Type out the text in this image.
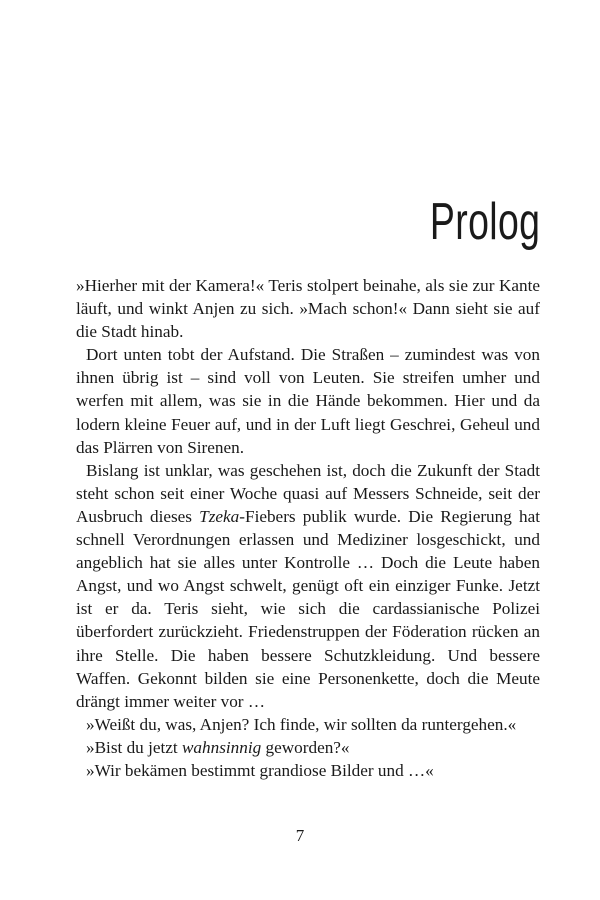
Prolog

»Hierher mit der Kamera!« Teris stolpert beinahe, als sie zur Kante läuft, und winkt Anjen zu sich. »Mach schon!« Dann sieht sie auf die Stadt hinab.

Dort unten tobt der Aufstand. Die Straßen – zumindest was von ihnen übrig ist – sind voll von Leuten. Sie streifen umher und werfen mit allem, was sie in die Hände bekommen. Hier und da lodern kleine Feuer auf, und in der Luft liegt Geschrei, Geheul und das Plärren von Sirenen.

Bislang ist unklar, was geschehen ist, doch die Zukunft der Stadt steht schon seit einer Woche quasi auf Messers Schneide, seit der Ausbruch dieses Tzeka-Fiebers publik wurde. Die Regierung hat schnell Verordnungen erlassen und Mediziner losgeschickt, und angeblich hat sie alles unter Kontrolle … Doch die Leute haben Angst, und wo Angst schwelt, genügt oft ein einziger Funke. Jetzt ist er da. Teris sieht, wie sich die cardassianische Polizei überfordert zurückzieht. Friedenstruppen der Föderation rücken an ihre Stelle. Die haben bessere Schutzkleidung. Und bessere Waffen. Gekonnt bilden sie eine Personenkette, doch die Meute drängt immer weiter vor …

»Weißt du, was, Anjen? Ich finde, wir sollten da runtergehen.«

»Bist du jetzt wahnsinnig geworden?«

»Wir bekämen bestimmt grandiose Bilder und …«

7
